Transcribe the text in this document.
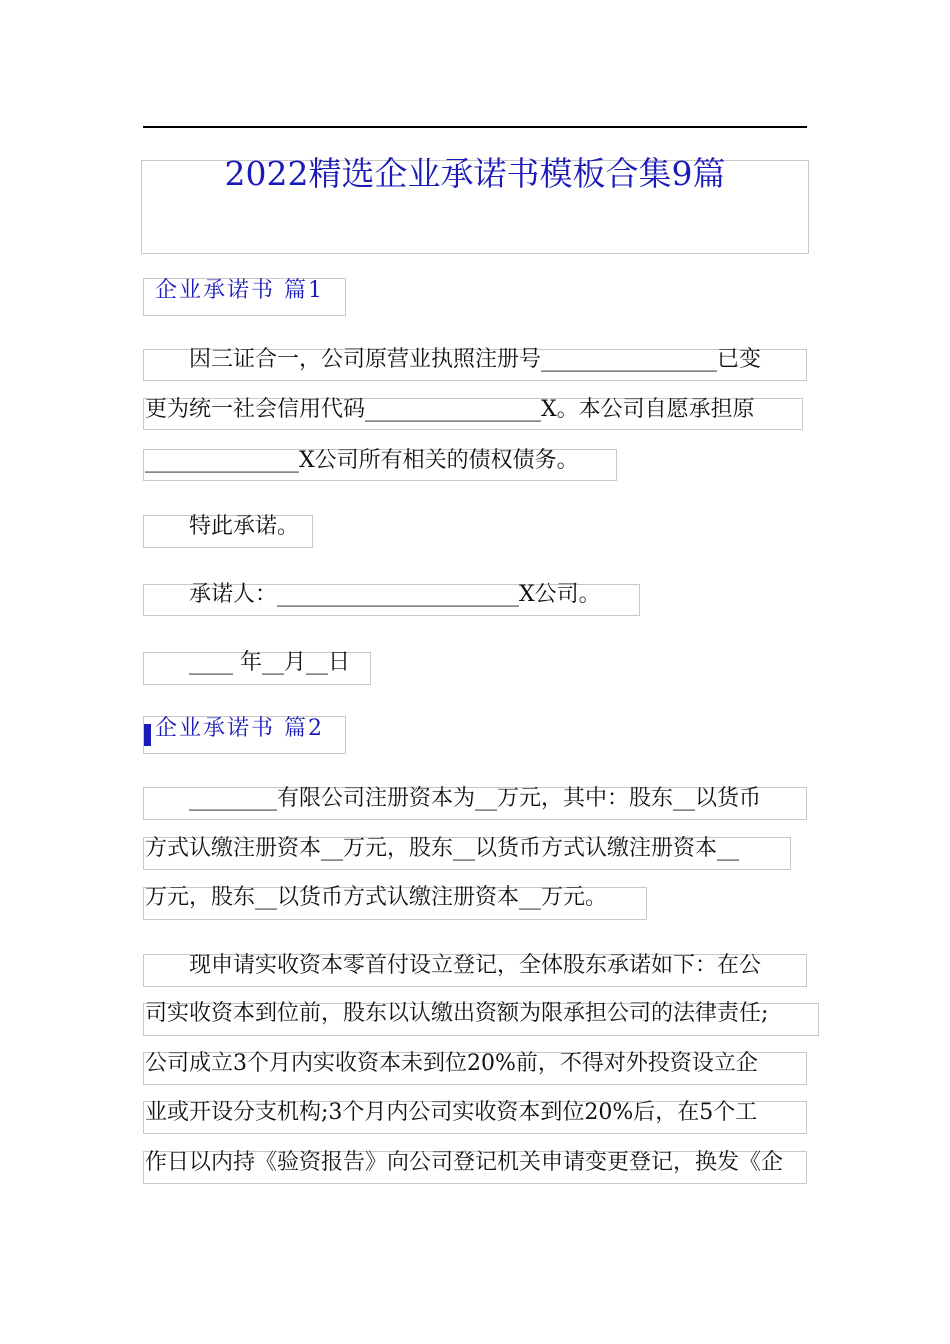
2022精选企业承诺书模板合集9篇
企业承诺书 篇1
　　因三证合一，公司原营业执照注册号________________已变
更为统一社会信用代码________________X。本公司自愿承担原
______________X公司所有相关的债权债务。
　　特此承诺。
　　承诺人：______________________X公司。
　　____ 年__月__日
企业承诺书 篇2
　　________有限公司注册资本为__万元，其中：股东__以货币
方式认缴注册资本__万元，股东__以货币方式认缴注册资本__
万元，股东__以货币方式认缴注册资本__万元。
　　现申请实收资本零首付设立登记，全体股东承诺如下：在公
司实收资本到位前，股东以认缴出资额为限承担公司的法律责任;
公司成立3个月内实收资本未到位20%前，不得对外投资设立企
业或开设分支机构;3个月内公司实收资本到位20%后，在5个工
作日以内持《验资报告》向公司登记机关申请变更登记，换发《企
